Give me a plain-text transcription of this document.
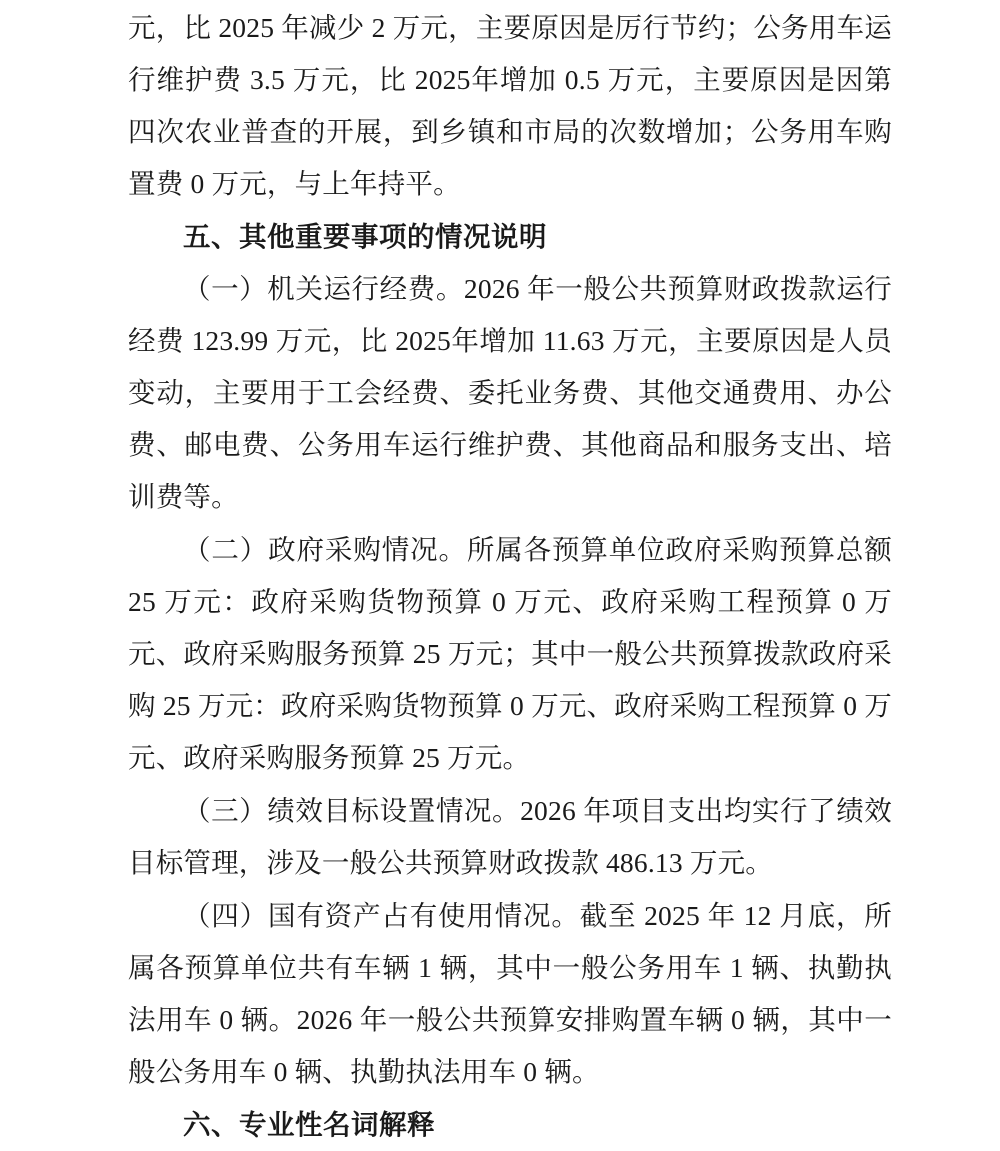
元，比 2025 年减少 2 万元，主要原因是厉行节约；公务用车运行维护费 3.5 万元，比 2025年增加 0.5 万元，主要原因是因第四次农业普查的开展，到乡镇和市局的次数增加；公务用车购置费 0 万元，与上年持平。

五、其他重要事项的情况说明

（一）机关运行经费。2026 年一般公共预算财政拨款运行经费 123.99 万元，比 2025年增加 11.63 万元，主要原因是人员变动，主要用于工会经费、委托业务费、其他交通费用、办公费、邮电费、公务用车运行维护费、其他商品和服务支出、培训费等。

（二）政府采购情况。所属各预算单位政府采购预算总额 25 万元：政府采购货物预算 0 万元、政府采购工程预算 0 万元、政府采购服务预算 25 万元；其中一般公共预算拨款政府采购 25 万元：政府采购货物预算 0 万元、政府采购工程预算 0 万元、政府采购服务预算 25 万元。

（三）绩效目标设置情况。2026 年项目支出均实行了绩效目标管理，涉及一般公共预算财政拨款 486.13 万元。

（四）国有资产占有使用情况。截至 2025 年 12 月底，所属各预算单位共有车辆 1 辆，其中一般公务用车 1 辆、执勤执法用车 0 辆。2026 年一般公共预算安排购置车辆 0 辆，其中一般公务用车 0 辆、执勤执法用车 0 辆。

六、专业性名词解释
